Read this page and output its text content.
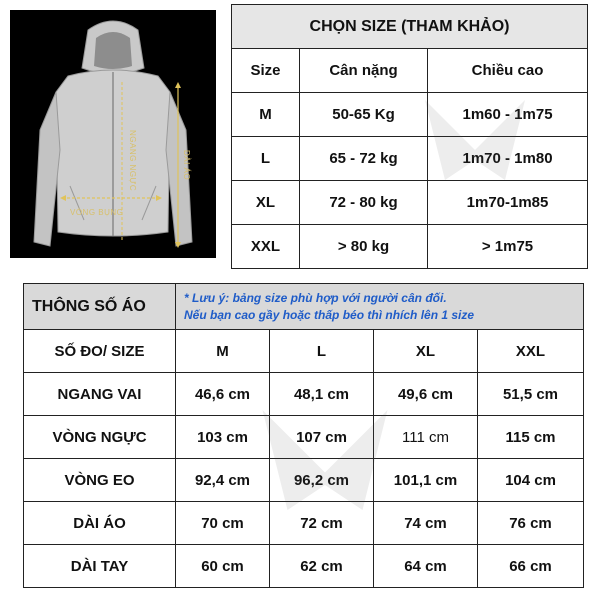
VÒNG BỤNG
NGANG NGỰC	DÀI ÁO
CHỌN SIZE (THAM KHẢO)		
Size	Cân nặng	Chiều cao
M	50-65 Kg	1m60 - 1m75
L	65 - 72 kg	1m70 - 1m80
XL	72 - 80 kg	1m70-1m85
XXL	> 80 kg	> 1m75
THÔNG SỐ ÁO	* Lưu ý: bảng size phù hợp với người cân đối.
Nếu bạn cao gầy hoặc thấp béo thì nhích lên 1 size			

SỐ ĐO/ SIZE	M	L	XL	XXL
NGANG VAI	46,6 cm	48,1 cm	49,6 cm	51,5 cm
VÒNG NGỰC	103 cm	107 cm	111 cm	115 cm
VÒNG EO	92,4 cm	96,2 cm	101,1 cm	104 cm
DÀI ÁO	70 cm	72 cm	74 cm	76 cm
DÀI TAY	60 cm	62 cm	64 cm	66 cm
